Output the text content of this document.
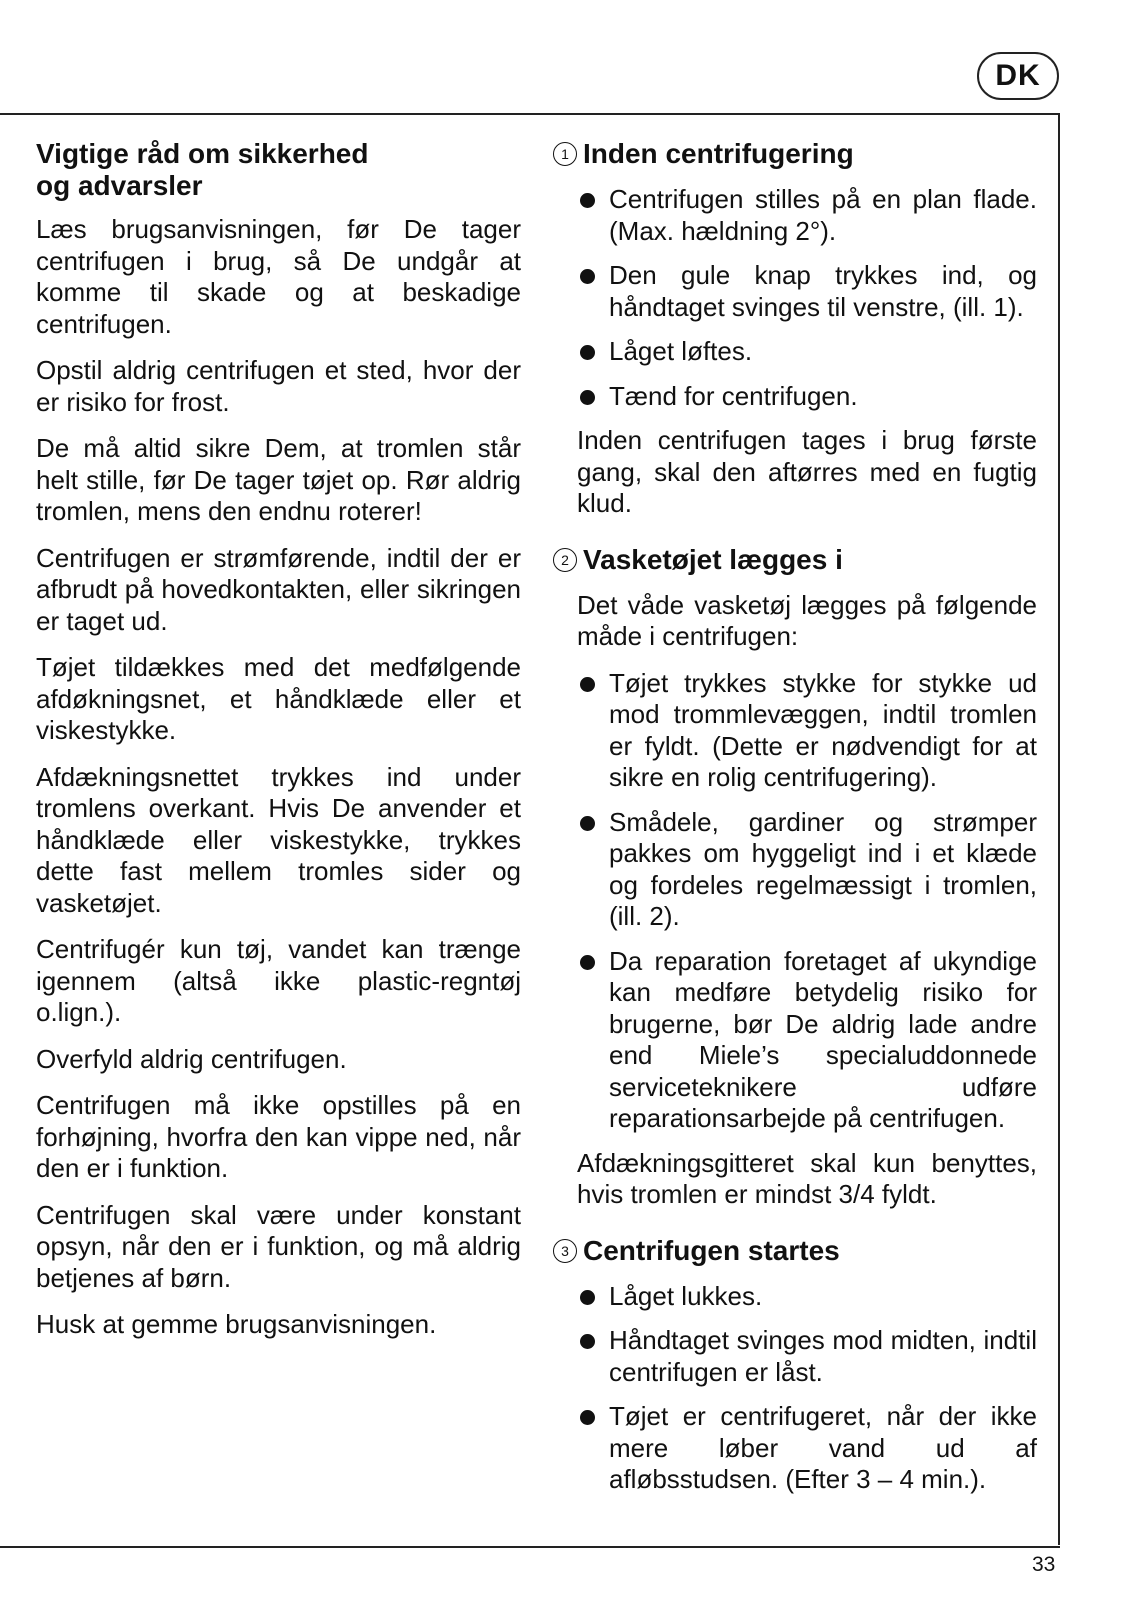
DK
Vigtige råd om sikkerhed
og advarsler

Læs brugsanvisningen, før De tager centrifugen i brug, så De undgår at komme til skade og at beskadige centrifugen.

Opstil aldrig centrifugen et sted, hvor der er risiko for frost.

De må altid sikre Dem, at tromlen står helt stille, før De tager tøjet op. Rør aldrig tromlen, mens den endnu roterer!

Centrifugen er strømførende, indtil der er afbrudt på hovedkontakten, eller sikringen er taget ud.

Tøjet tildækkes med det medfølgende afdøkningsnet, et håndklæde eller et viskestykke.

Afdækningsnettet trykkes ind under tromlens overkant. Hvis De anvender et håndklæde eller viskestykke, trykkes dette fast mellem tromles sider og vasketøjet.

Centrifugér kun tøj, vandet kan trænge igennem (altså ikke plastic-regntøj o.lign.).

Overfyld aldrig centrifugen.

Centrifugen må ikke opstilles på en forhøjning, hvorfra den kan vippe ned, når den er i funktion.

Centrifugen skal være under konstant opsyn, når den er i funktion, og må aldrig betjenes af børn.

Husk at gemme brugsanvisningen.

1 Inden centrifugering
Centrifugen stilles på en plan flade. (Max. hældning 2°).
Den gule knap trykkes ind, og håndtaget svinges til venstre, (ill. 1).
Låget løftes.
Tænd for centrifugen.

Inden centrifugen tages i brug første gang, skal den aftørres med en fugtig klud.

2 Vasketøjet lægges i

Det våde vasketøj lægges på følgende måde i centrifugen:

Tøjet trykkes stykke for stykke ud mod trommlevæggen, indtil tromlen er fyldt. (Dette er nødvendigt for at sikre en rolig centrifugering).
Smådele, gardiner og strømper pakkes om hyggeligt ind i et klæde og fordeles regelmæssigt i tromlen, (ill. 2).
Da reparation foretaget af ukyndige kan medføre betydelig risiko for brugerne, bør De aldrig lade andre end Miele’s specialuddonnede serviceteknikere udføre reparationsarbejde på centrifugen.

Afdækningsgitteret skal kun benyttes, hvis tromlen er mindst 3/4 fyldt.

3 Centrifugen startes
Låget lukkes.
Håndtaget svinges mod midten, indtil centrifugen er låst.
Tøjet er centrifugeret, når der ikke mere løber vand ud af afløbsstudsen. (Efter 3 – 4 min.).
33
